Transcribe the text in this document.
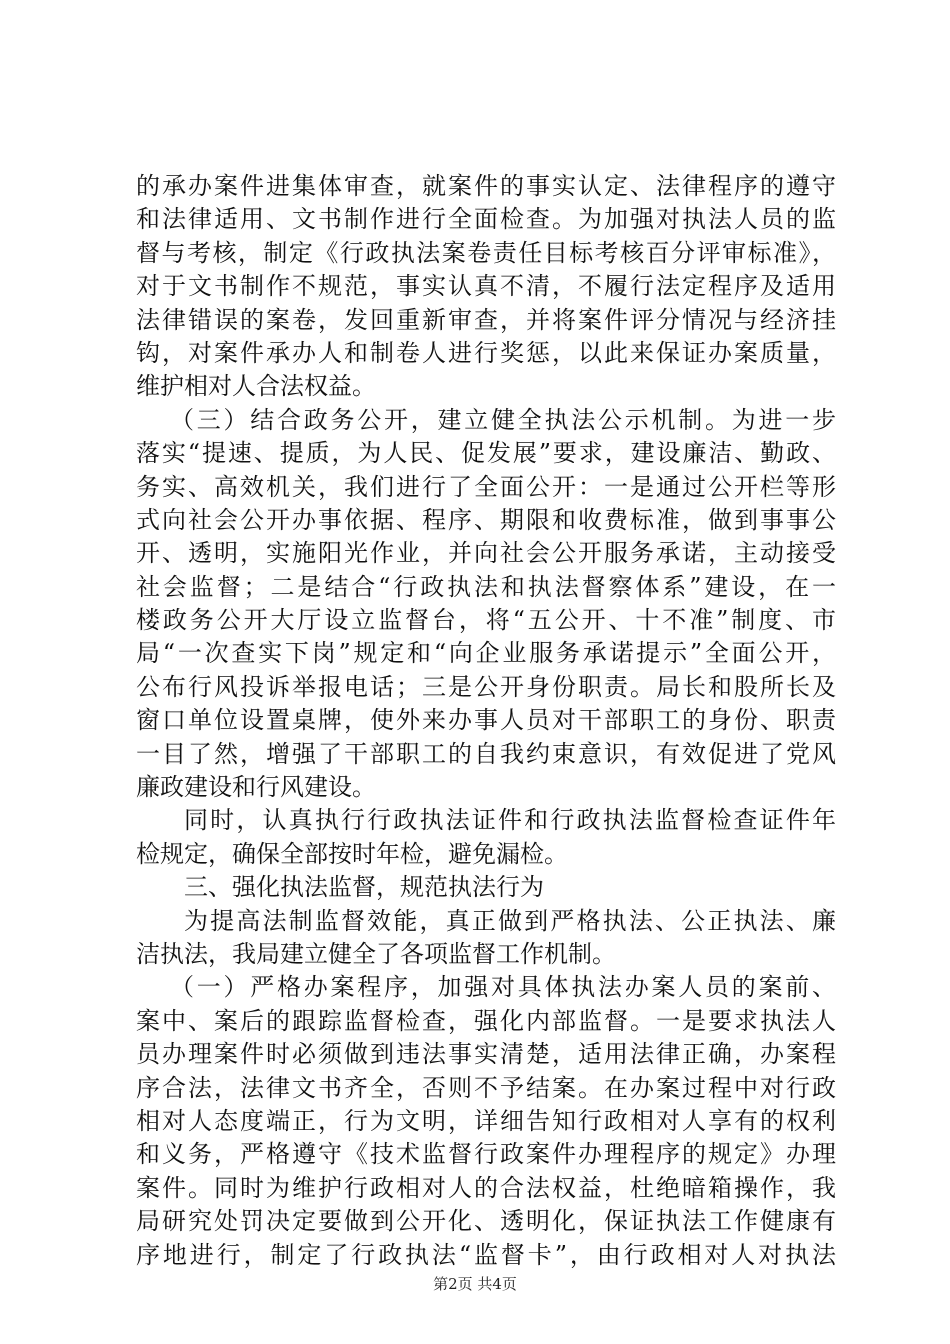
的承办案件进集体审查，就案件的事实认定、法律程序的遵守
和法律适用、文书制作进行全面检查。为加强对执法人员的监
督与考核，制定《行政执法案卷责任目标考核百分评审标准》，
对于文书制作不规范，事实认真不清，不履行法定程序及适用
法律错误的案卷，发回重新审查，并将案件评分情况与经济挂
钩，对案件承办人和制卷人进行奖惩，以此来保证办案质量，
维护相对人合法权益。
（三）结合政务公开，建立健全执法公示机制。为进一步
落实“提速、提质，为人民、促发展”要求，建设廉洁、勤政、
务实、高效机关，我们进行了全面公开：一是通过公开栏等形
式向社会公开办事依据、程序、期限和收费标准，做到事事公
开、透明，实施阳光作业，并向社会公开服务承诺，主动接受
社会监督；二是结合“行政执法和执法督察体系”建设，在一
楼政务公开大厅设立监督台，将“五公开、十不准”制度、市
局“一次查实下岗”规定和“向企业服务承诺提示”全面公开，
公布行风投诉举报电话；三是公开身份职责。局长和股所长及
窗口单位设置桌牌，使外来办事人员对干部职工的身份、职责
一目了然，增强了干部职工的自我约束意识，有效促进了党风
廉政建设和行风建设。
同时，认真执行行政执法证件和行政执法监督检查证件年
检规定，确保全部按时年检，避免漏检。
三、强化执法监督，规范执法行为
为提高法制监督效能，真正做到严格执法、公正执法、廉
洁执法，我局建立健全了各项监督工作机制。
（一）严格办案程序，加强对具体执法办案人员的案前、
案中、案后的跟踪监督检查，强化内部监督。一是要求执法人
员办理案件时必须做到违法事实清楚，适用法律正确，办案程
序合法，法律文书齐全，否则不予结案。在办案过程中对行政
相对人态度端正，行为文明，详细告知行政相对人享有的权利
和义务，严格遵守《技术监督行政案件办理程序的规定》办理
案件。同时为维护行政相对人的合法权益，杜绝暗箱操作，我
局研究处罚决定要做到公开化、透明化，保证执法工作健康有
序地进行，制定了行政执法“监督卡”，由行政相对人对执法
第2页 共4页
